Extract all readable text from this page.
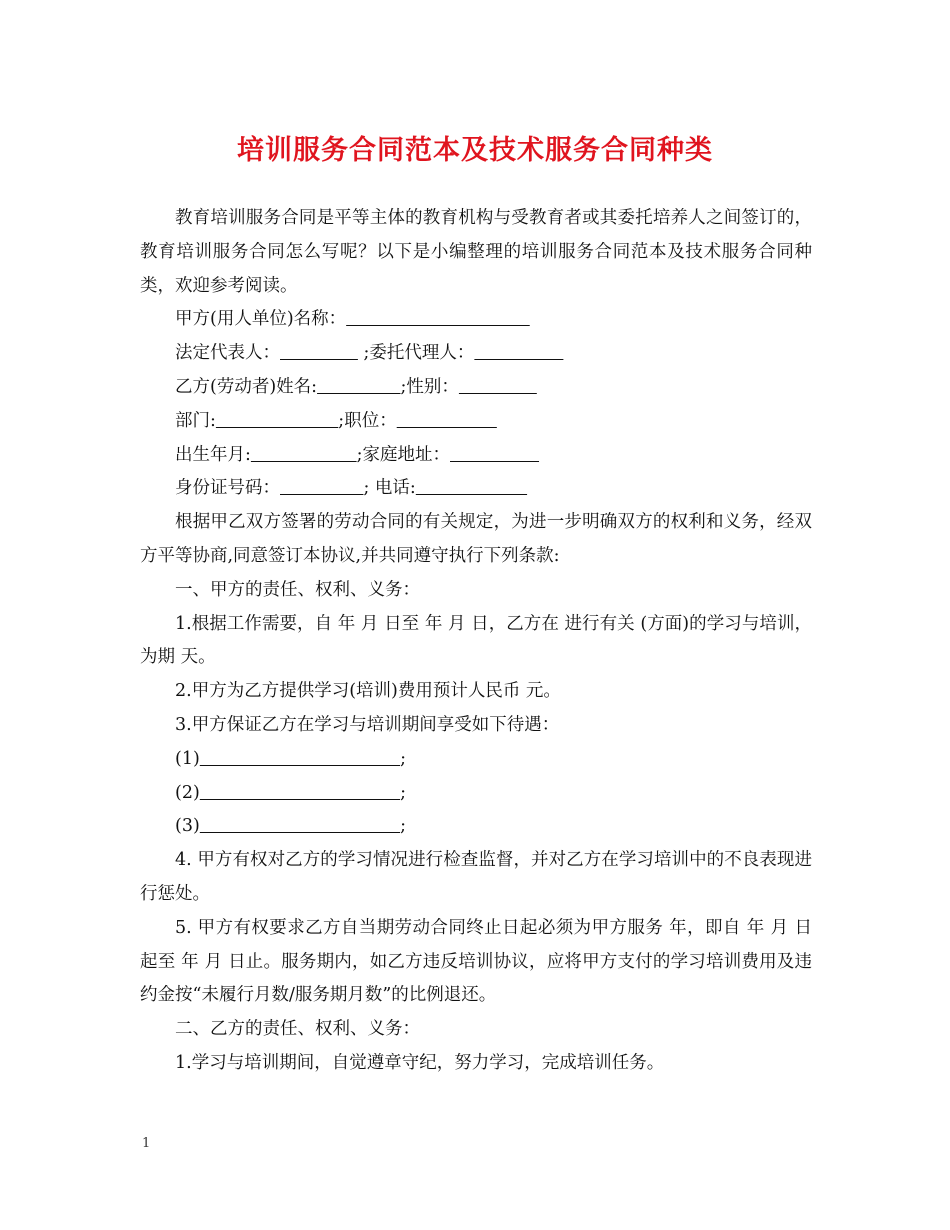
培训服务合同范本及技术服务合同种类

教育培训服务合同是平等主体的教育机构与受教育者或其委托培养人之间签订的，教育培训服务合同怎么写呢？以下是小编整理的培训服务合同范本及技术服务合同种类，欢迎参考阅读。

甲方(用人单位)名称：

法定代表人：	;委托代理人：

乙方(劳动者)姓名:	;性别：

部门:	;职位：

出生年月:	;家庭地址：

身份证号码：	; 电话:

根据甲乙双方签署的劳动合同的有关规定，为进一步明确双方的权利和义务，经双方平等协商,同意签订本协议,并共同遵守执行下列条款:

一、甲方的责任、权利、义务：

1.根据工作需要，自 年 月 日至 年 月 日，乙方在 进行有关 (方面)的学习与培训，为期 天。

2.甲方为乙方提供学习(培训)费用预计人民币 元。

3.甲方保证乙方在学习与培训期间享受如下待遇：

(1)	;

(2)	;

(3)	;

4. 甲方有权对乙方的学习情况进行检查监督，并对乙方在学习培训中的不良表现进行惩处。

5. 甲方有权要求乙方自当期劳动合同终止日起必须为甲方服务 年，即自 年 月 日起至 年 月 日止。服务期内，如乙方违反培训协议，应将甲方支付的学习培训费用及违约金按“未履行月数/服务期月数”的比例退还。

二、乙方的责任、权利、义务：

1.学习与培训期间，自觉遵章守纪，努力学习，完成培训任务。

1
